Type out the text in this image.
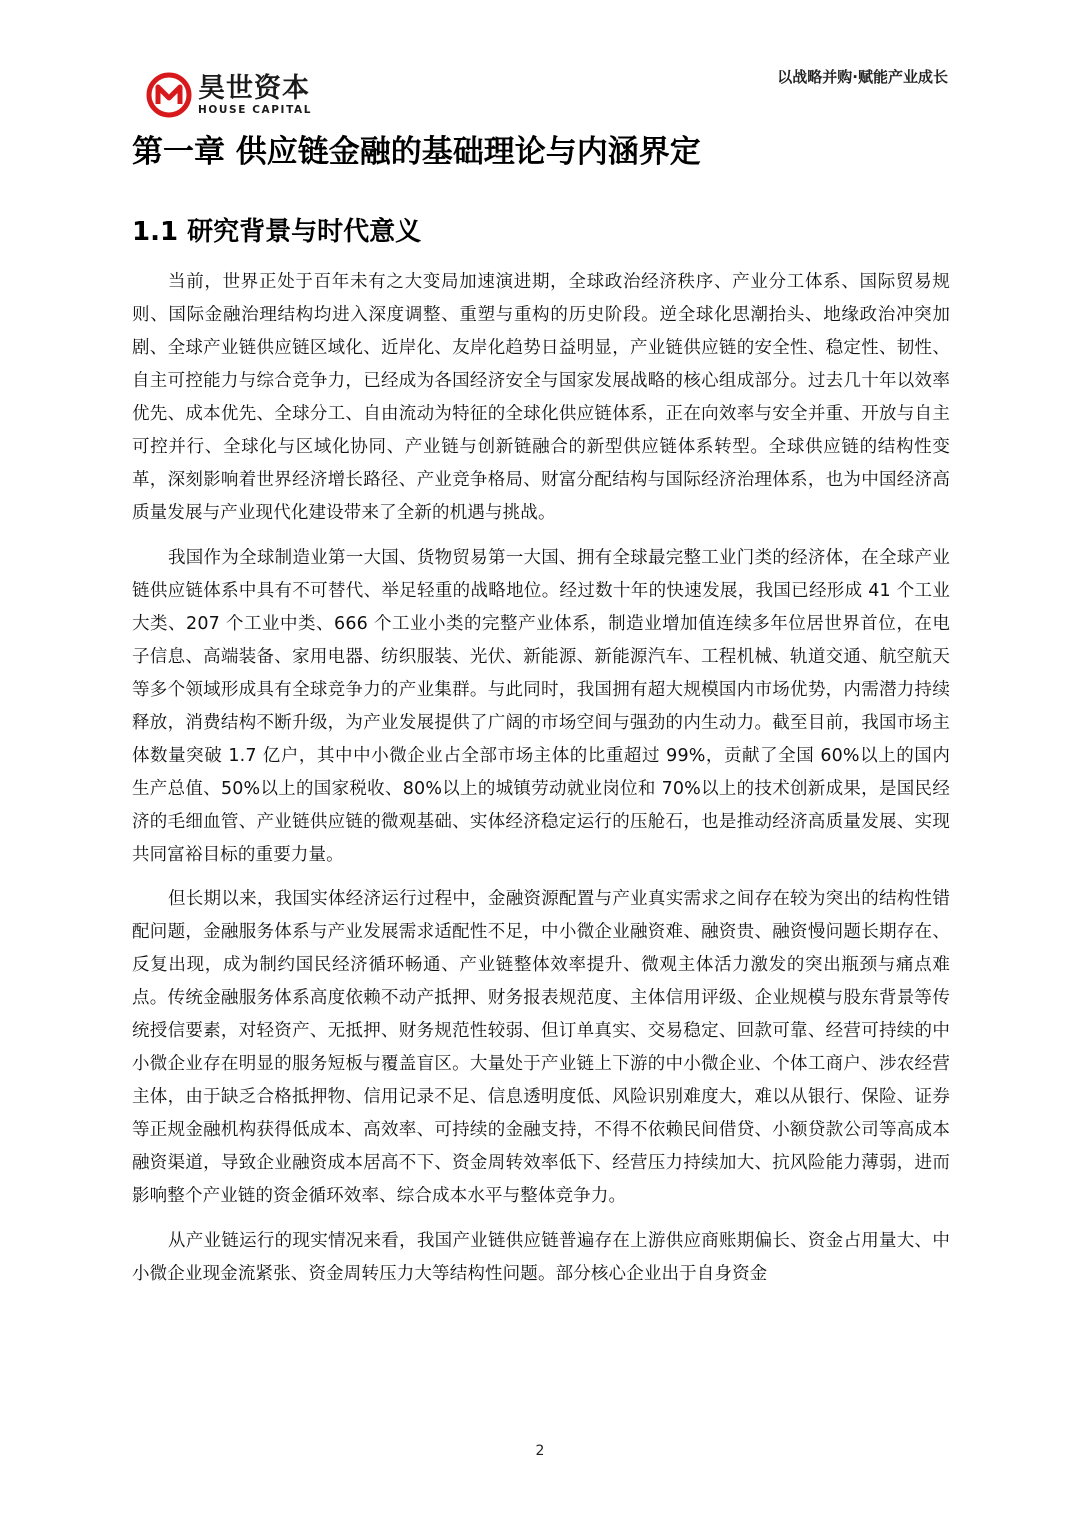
昊世资本
HOUSE CAPITAL
以战略并购·赋能产业成长
第一章 供应链金融的基础理论与内涵界定
1.1 研究背景与时代意义

当前，世界正处于百年未有之大变局加速演进期，全球政治经济秩序、产业分工体系、国际贸易规则、国际金融治理结构均进入深度调整、重塑与重构的历史阶段。逆全球化思潮抬头、地缘政治冲突加剧、全球产业链供应链区域化、近岸化、友岸化趋势日益明显，产业链供应链的安全性、稳定性、韧性、自主可控能力与综合竞争力，已经成为各国经济安全与国家发展战略的核心组成部分。过去几十年以效率优先、成本优先、全球分工、自由流动为特征的全球化供应链体系，正在向效率与安全并重、开放与自主可控并行、全球化与区域化协同、产业链与创新链融合的新型供应链体系转型。全球供应链的结构性变革，深刻影响着世界经济增长路径、产业竞争格局、财富分配结构与国际经济治理体系，也为中国经济高质量发展与产业现代化建设带来了全新的机遇与挑战。

我国作为全球制造业第一大国、货物贸易第一大国、拥有全球最完整工业门类的经济体，在全球产业链供应链体系中具有不可替代、举足轻重的战略地位。经过数十年的快速发展，我国已经形成 41 个工业大类、207 个工业中类、666 个工业小类的完整产业体系，制造业增加值连续多年位居世界首位，在电子信息、高端装备、家用电器、纺织服装、光伏、新能源、新能源汽车、工程机械、轨道交通、航空航天等多个领域形成具有全球竞争力的产业集群。与此同时，我国拥有超大规模国内市场优势，内需潜力持续释放，消费结构不断升级，为产业发展提供了广阔的市场空间与强劲的内生动力。截至目前，我国市场主体数量突破 1.7 亿户，其中中小微企业占全部市场主体的比重超过 99%，贡献了全国 60%以上的国内生产总值、50%以上的国家税收、80%以上的城镇劳动就业岗位和 70%以上的技术创新成果，是国民经济的毛细血管、产业链供应链的微观基础、实体经济稳定运行的压舱石，也是推动经济高质量发展、实现共同富裕目标的重要力量。

但长期以来，我国实体经济运行过程中，金融资源配置与产业真实需求之间存在较为突出的结构性错配问题，金融服务体系与产业发展需求适配性不足，中小微企业融资难、融资贵、融资慢问题长期存在、反复出现，成为制约国民经济循环畅通、产业链整体效率提升、微观主体活力激发的突出瓶颈与痛点难点。传统金融服务体系高度依赖不动产抵押、财务报表规范度、主体信用评级、企业规模与股东背景等传统授信要素，对轻资产、无抵押、财务规范性较弱、但订单真实、交易稳定、回款可靠、经营可持续的中小微企业存在明显的服务短板与覆盖盲区。大量处于产业链上下游的中小微企业、个体工商户、涉农经营主体，由于缺乏合格抵押物、信用记录不足、信息透明度低、风险识别难度大，难以从银行、保险、证券等正规金融机构获得低成本、高效率、可持续的金融支持，不得不依赖民间借贷、小额贷款公司等高成本融资渠道，导致企业融资成本居高不下、资金周转效率低下、经营压力持续加大、抗风险能力薄弱，进而影响整个产业链的资金循环效率、综合成本水平与整体竞争力。

从产业链运行的现实情况来看，我国产业链供应链普遍存在上游供应商账期偏长、资金占用量大、中小微企业现金流紧张、资金周转压力大等结构性问题。部分核心企业出于自身资金

2
